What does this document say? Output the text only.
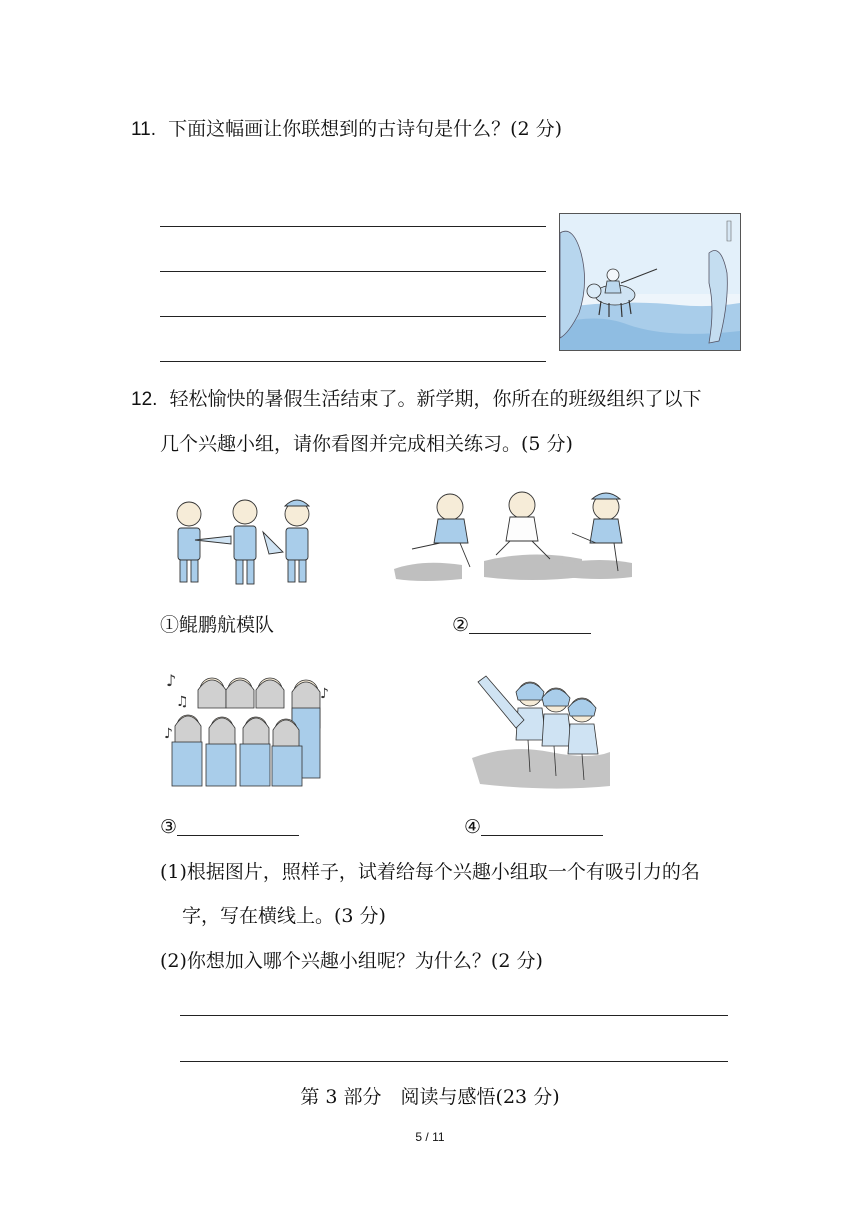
11. 下面这幅画让你联想到的古诗句是什么？(2 分)
12. 轻松愉快的暑假生活结束了。新学期，你所在的班级组织了以下
几个兴趣小组，请你看图并完成相关练习。(5 分)
①鲲鹏航模队	②
♪
♫	♪
♪
③	④
(1)根据图片，照样子，试着给每个兴趣小组取一个有吸引力的名
字，写在横线上。(3 分)
(2)你想加入哪个兴趣小组呢？为什么？(2 分)
第 3 部分　阅读与感悟(23 分)
5 / 11
